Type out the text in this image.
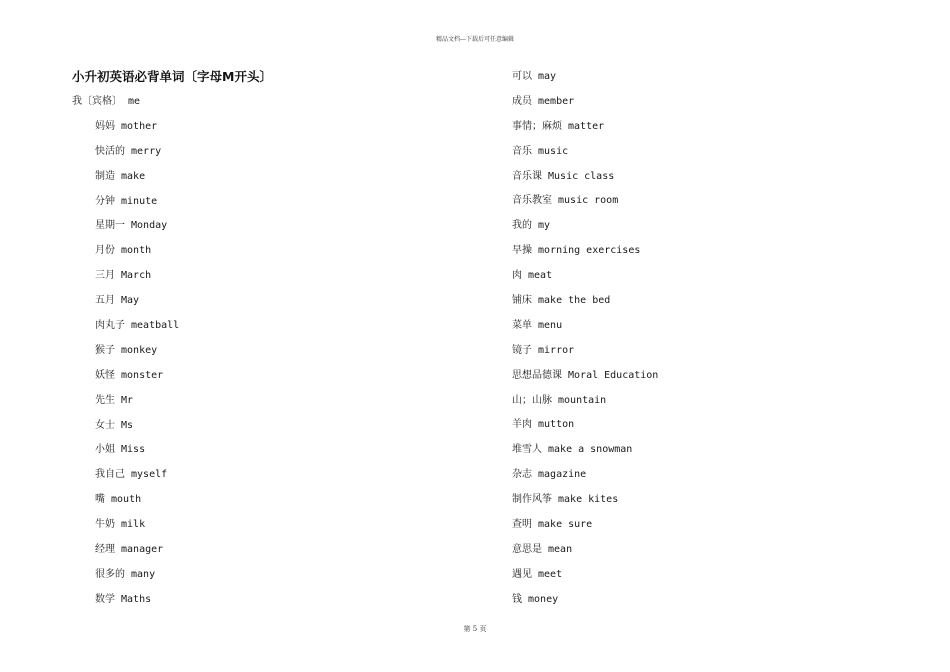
精品文档---下载后可任意编辑
小升初英语必背单词〔字母M开头〕
我〔宾格〕 me
妈妈 mother
快活的 merry
制造 make
分钟 minute
星期一 Monday
月份 month
三月 March
五月 May
肉丸子 meatball
猴子 monkey
妖怪 monster
先生 Mr
女士 Ms
小姐 Miss
我自己 myself
嘴 mouth
牛奶 milk
经理 manager
很多的 many
数学 Maths
可以 may
成员 member
事情；麻烦 matter
音乐 music
音乐课 Music class
音乐教室 music room
我的 my
早操 morning exercises
肉 meat
铺床 make the bed
菜单 menu
镜子 mirror
思想品德课 Moral Education
山；山脉 mountain
羊肉 mutton
堆雪人 make a snowman
杂志 magazine
制作风筝 make kites
查明 make sure
意思是 mean
遇见 meet
钱 money
第 5 页
